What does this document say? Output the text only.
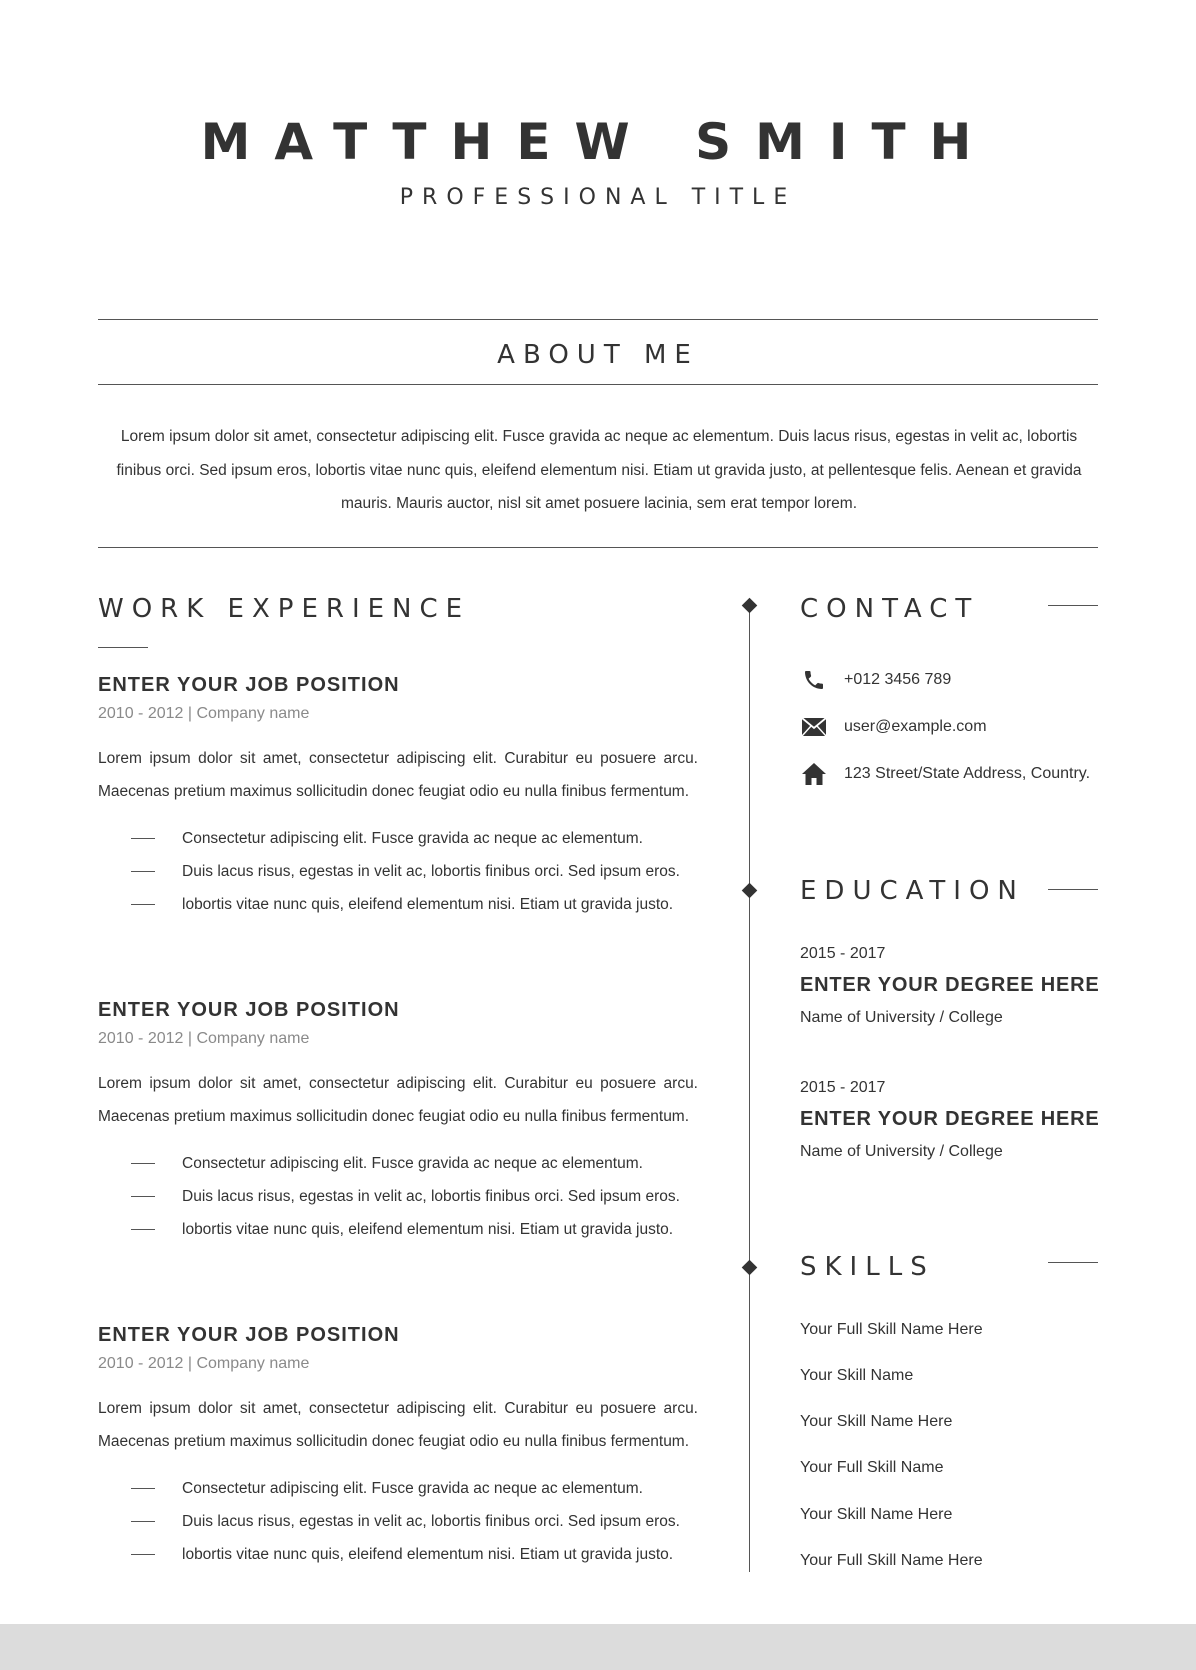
MATTHEW SMITH
PROFESSIONAL TITLE
ABOUT ME
Lorem ipsum dolor sit amet, consectetur adipiscing elit. Fusce gravida ac neque ac elementum. Duis lacus risus, egestas in velit ac, lobortis finibus orci. Sed ipsum eros, lobortis vitae nunc quis, eleifend elementum nisi. Etiam ut gravida justo, at pellentesque felis. Aenean et gravida mauris. Mauris auctor, nisl sit amet posuere lacinia, sem erat tempor lorem.
WORK EXPERIENCE
ENTER YOUR JOB POSITION
2010 - 2012 | Company name
Lorem ipsum dolor sit amet, consectetur adipiscing elit. Curabitur eu posuere arcu. Maecenas pretium maximus sollicitudin donec feugiat odio eu nulla finibus fermentum.
Consectetur adipiscing elit. Fusce gravida ac neque ac elementum.
Duis lacus risus, egestas in velit ac, lobortis finibus orci. Sed ipsum eros.
lobortis vitae nunc quis, eleifend elementum nisi. Etiam ut gravida justo.
ENTER YOUR JOB POSITION
2010 - 2012 | Company name
Lorem ipsum dolor sit amet, consectetur adipiscing elit. Curabitur eu posuere arcu. Maecenas pretium maximus sollicitudin donec feugiat odio eu nulla finibus fermentum.
Consectetur adipiscing elit. Fusce gravida ac neque ac elementum.
Duis lacus risus, egestas in velit ac, lobortis finibus orci. Sed ipsum eros.
lobortis vitae nunc quis, eleifend elementum nisi. Etiam ut gravida justo.
ENTER YOUR JOB POSITION
2010 - 2012 | Company name
Lorem ipsum dolor sit amet, consectetur adipiscing elit. Curabitur eu posuere arcu. Maecenas pretium maximus sollicitudin donec feugiat odio eu nulla finibus fermentum.
Consectetur adipiscing elit. Fusce gravida ac neque ac elementum.
Duis lacus risus, egestas in velit ac, lobortis finibus orci. Sed ipsum eros.
lobortis vitae nunc quis, eleifend elementum nisi. Etiam ut gravida justo.
CONTACT
+012 3456 789
user@example.com
123 Street/State Address, Country.
EDUCATION
2015 - 2017
ENTER YOUR DEGREE HERE
Name of University / College
2015 - 2017
ENTER YOUR DEGREE HERE
Name of University / College
SKILLS
Your Full Skill Name Here
Your Skill Name
Your Skill Name Here
Your Full Skill Name
Your Skill Name Here
Your Full Skill Name Here
